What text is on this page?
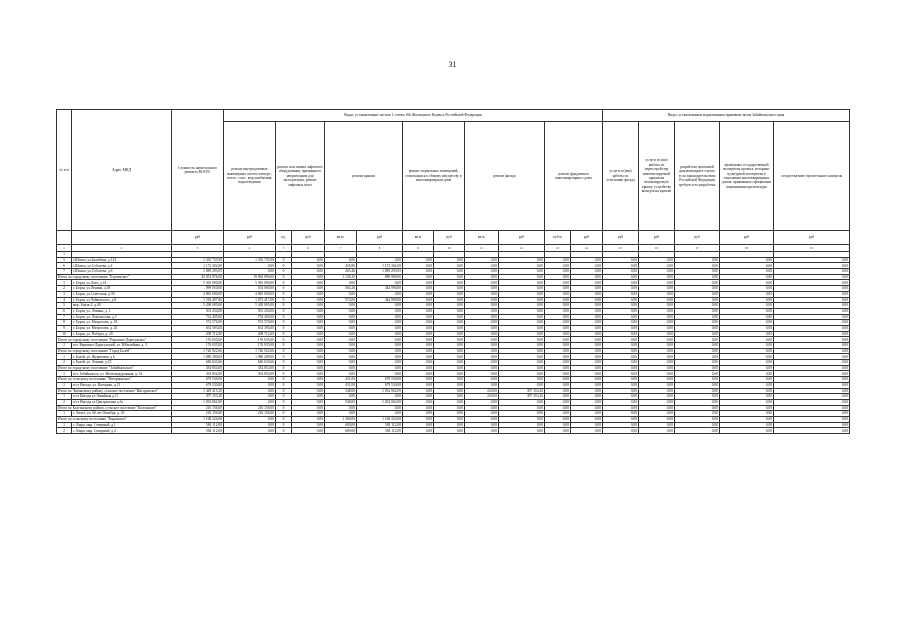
31
№ п/п	Адрес МКД	Стоимость капитального ремонта ВСЕГО	Виды, установленные частью 1 статьи 166 Жилищного Кодекса Российской Федерации											Виды, установленные нормативным правовым актом Забайкальского края				
			ремонт внутридомовых инженерных систем электро-, тепло-, газо-, водоснабжения, водоотведения	ремонт или замена лифтового оборудования, признанного непригодным для эксплуатации, ремонт лифтовых шахт		ремонт крыши		ремонт подвальных помещений, относящихся к общему имуществу в многоквартирном доме		ремонт фасада		ремонт фундамента многоквартирного дома		услуги и (или) работы по утеплению фасада	услуги и (или) работы по переустройству невентилируемой крыши на вентилируемую крышу, устройству выходов на кровлю	разработка проектной документации в случае, если законодательством Российской Федерации требуется ее разработка	проведение государственной экспертизы проекта, историко-культурной экспертизы в отношении многоквартирных домов, признанных официально памятниками архитектуры	осуществление строительного контроля
		руб	руб	ед.	руб	кв.м.	руб	кв.м	руб	кв.м.	руб	куб.м	руб	руб	руб	руб	руб	руб
1	2	3	4	5	6	7	8	9	10	11	12	13	14	15	16	17	18	19
1																		
5	г.Шилка, ул.Балябина, д.123	1 335 735,98	1 335 735,98	0	0,00	0,00	0,00	0,00	0,00	0,00	0,00	0,00	0,00	0,00	0,00	0,00	0,00	0,00
6	г.Шилка, ул.Соболева, д.4	1 172 302,00	0,00	0	0,00	435,80	1 172 302,00	0,00	0,00	0,00	0,00	0,00	0,00	0,00	0,00	0,00	0,00	0,00
7	г.Шилка, ул.Соболева, д.6	1 085 293,95	0,00	0	0,00	403,46	1 085 293,95	0,00	0,00	0,00	0,00	0,00	0,00	0,00	0,00	0,00	0,00	0,00
Итого по городскому поселению "Борзинское"		20 852 876,00	19 962 896,00	0	0,00	1 136,20	889 980,00	0,00	0,00	0,00	0,00	0,00	0,00	0,00	0,00	0,00	0,00	0,00
1	г. Борзя, ул.Лазо, д.14	5 365 000,00	5 365 000,00	0	0,00	0,00	0,00	0,00	0,00	0,00	0,00	0,00	0,00	0,00	0,00	0,00	0,00	0,00
2	г. Борзя, ул.Ленина, д.38	999 050,00	554 060,00	0	0,00	564,20	444 990,00	0,00	0,00	0,00	0,00	0,00	0,00	0,00	0,00	0,00	0,00	0,00
3	г. Борзя, ул.Советская, д.30	4 865 000,00	4 865 000,00	0	0,00	0,00	0,00	0,00	0,00	0,00	0,00	0,00	0,00	0,00	0,00	0,00	0,00	0,00
4	г. Борзя, ул.Чайковского, д.8	1 518 407,00	1 073 417,00	0	0,00	572,00	444 990,00	0,00	0,00	0,00	0,00	0,00	0,00	0,00	0,00	0,00	0,00	0,00
5	мкр. Борзя-2, д.40	5 438 085,00	5 438 085,00	0	0,00	0,00	0,00	0,00	0,00	0,00	0,00	0,00	0,00	0,00	0,00	0,00	0,00	0,00
6	г. Борзя, ул. Ленина, д. 1	501 254,00	501 254,00	0	0,00	0,00	0,00	0,00	0,00	0,00	0,00	0,00	0,00	0,00	0,00	0,00	0,00	0,00
7	г. Борзя, ул. Ломоносова, д.3	732 405,00	732 405,00	0	0,00	0,00	0,00	0,00	0,00	0,00	0,00	0,00	0,00	0,00	0,00	0,00	0,00	0,00
8	г. Борзя, ул. Матросова, д. 18	572 570,00	572 570,00	0	0,00	0,00	0,00	0,00	0,00	0,00	0,00	0,00	0,00	0,00	0,00	0,00	0,00	0,00
9	г. Борзя, ул. Матросова, д. 25	652 393,00	652 393,00	0	0,00	0,00	0,00	0,00	0,00	0,00	0,00	0,00	0,00	0,00	0,00	0,00	0,00	0,00
10	г. Борзя, ул. Победы, д. 20	208 712,00	208 712,00	0	0,00	0,00	0,00	0,00	0,00	0,00	0,00	0,00	0,00	0,00	0,00	0,00	0,00	0,00
Итого по городскому поселению "Вершино-Дарасунское"		176 035,00	176 035,00	0	0,00	0,00	0,00	0,00	0,00	0,00	0,00	0,00	0,00	0,00	0,00	0,00	0,00	0,00
1	пгт. Вершино-Дарасунский, ул. Юбилейная, д. 3	176 035,00	176 035,00	0	0,00	0,00	0,00	0,00	0,00	0,00	0,00	0,00	0,00	0,00	0,00	0,00	0,00	0,00
Итого по городскому поселению "Город Балей"		1 726 922,66	1 726 922,66	0	0,00	0,00	0,00	0,00	0,00	0,00	0,00	0,00	0,00	0,00	0,00	0,00	0,00	0,00
1	г. Балей, ул. Журавлева, д.6	1 080 289,00	1 080 289,00	0	0,00	0,00	0,00	0,00	0,00	0,00	0,00	0,00	0,00	0,00	0,00	0,00	0,00	0,00
2	г. Балей, ул. Ленина, д.23	646 633,66	646 633,66	0	0,00	0,00	0,00	0,00	0,00	0,00	0,00	0,00	0,00	0,00	0,00	0,00	0,00	0,00
Итого по городскому поселению "Забайкальское"		354 854,00	354 854,00	0	0,00	0,00	0,00	0,00	0,00	0,00	0,00	0,00	0,00	0,00	0,00	0,00	0,00	0,00
1	пгт. Забайкальск, ул. Железнодорожная, д. 32	354 854,00	354 854,00	0	0,00	0,00	0,00	0,00	0,00	0,00	0,00	0,00	0,00	0,00	0,00	0,00	0,00	0,00
Итого по сельскому поселению "Нагорнинское"		679 530,00	0,00	0	0,00	431,00	679 530,00	0,00	0,00	0,00	0,00	0,00	0,00	0,00	0,00	0,00	0,00	0,00
1	п/ст Нагода, ул. Нагорная, д.13	679 530,00	0,00	0	0,00	431,00	679 530,00	0,00	0,00	0,00	0,00	0,00	0,00	0,00	0,00	0,00	0,00	0,00
Итого по Читинскому району, сельское поселение "Ингодинское"		1 429 415,20	0,00	0	0,00	548,00	1 032 062,00	0,00	0,00	220,00	397 353,20	0,00	0,00	0,00	0,00	0,00	0,00	0,00
1	п/ст Ингода ул.Линейная д.11	397 353,20	0,00	0	0,00	0,00	0,00	0,00	0,00	220,00	397 353,20	0,00	0,00	0,00	0,00	0,00	0,00	0,00
2	п/ст Ингода ул.Центральная д.3а	1 032 062,00	0,00	0	0,00	548,00	1 032 062,00	0,00	0,00	0,00	0,00	0,00	0,00	0,00	0,00	0,00	0,00	0,00
Итого по Калганскому району, сельское поселение "Калганское"		216 156,00	216 156,00	0	0,00	0,00	0,00	0,00	0,00	0,00	0,00	0,00	0,00	0,00	0,00	0,00	0,00	0,00
1	с. Калга, ул. 60 лет Октября, д. 45	216 156,00	216 156,00	0	0,00	0,00	0,00	0,00	0,00	0,00	0,00	0,00	0,00	0,00	0,00	0,00	0,00	0,00
Итого по сельскому поселению "Кыринское"		1 168 224,00	0,00	0	0,00	1 360,00	1 168 224,00	0,00	0,00	0,00	0,00	0,00	0,00	0,00	0,00	0,00	0,00	0,00
1	с. Кыра, мкр. Северный, д.1	584 112,00	0,00	0	0,00	680,00	584 112,00	0,00	0,00	0,00	0,00	0,00	0,00	0,00	0,00	0,00	0,00	0,00
2	с. Кыра, мкр. Северный, д.4	584 112,00	0,00	0	0,00	680,00	584 112,00	0,00	0,00	0,00	0,00	0,00	0,00	0,00	0,00	0,00	0,00	0,00
